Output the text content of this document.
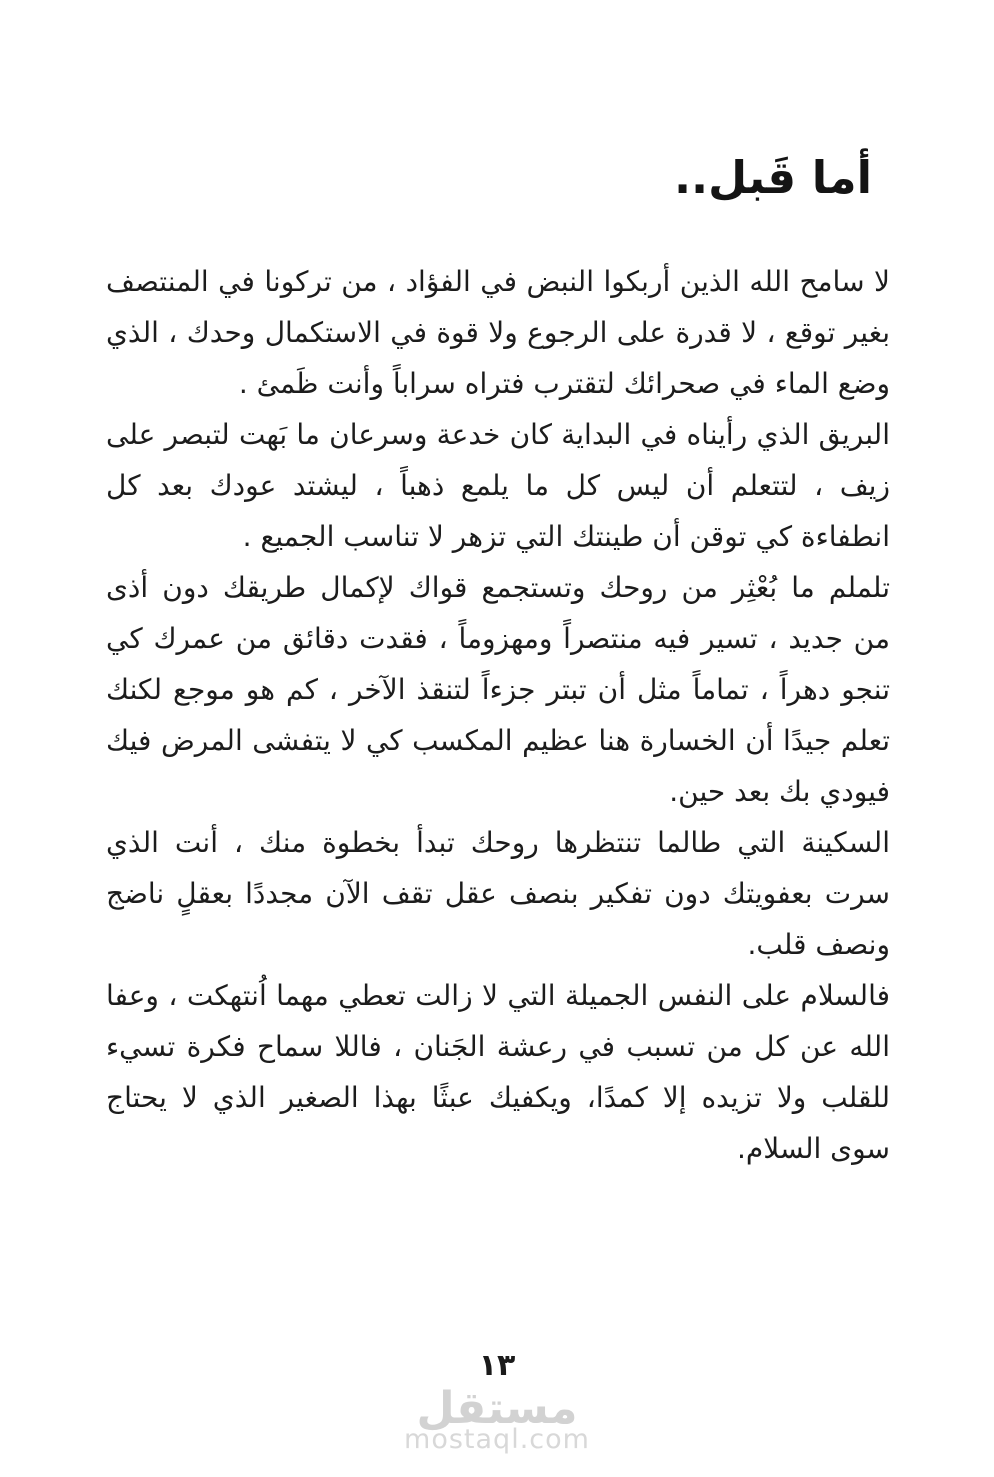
أما قَبل..
لا سامح الله الذين أربكوا النبض في الفؤاد ، من تركونا في المنتصف
بغير توقع ، لا قدرة على الرجوع ولا قوة في الاستكمال وحدك ، الذي
وضع الماء في صحرائك لتقترب فتراه سراباً وأنت ظَمئ .
البريق الذي رأيناه في البداية كان خدعة وسرعان ما بَهت لتبصر على
زيف ، لتتعلم أن ليس كل ما يلمع ذهباً ، ليشتد عودك بعد كل
انطفاءة كي توقن أن طينتك التي تزهر لا تناسب الجميع .
تلملم ما بُعْثِر من روحك وتستجمع قواك لإكمال طريقك دون أذى
من جديد ، تسير فيه منتصراً ومهزوماً ، فقدت دقائق من عمرك كي
تنجو دهراً ، تماماً مثل أن تبتر جزءاً لتنقذ الآخر ، كم هو موجع لكنك
تعلم جيدًا أن الخسارة هنا عظيم المكسب كي لا يتفشى المرض فيك
فيودي بك بعد حين.
السكينة التي طالما تنتظرها روحك تبدأ بخطوة منك ، أنت الذي
سرت بعفويتك دون تفكير بنصف عقل تقف الآن مجددًا بعقلٍ ناضج
ونصف قلب.
فالسلام على النفس الجميلة التي لا زالت تعطي مهما اُنتهكت ، وعفا
الله عن كل من تسبب في رعشة الجَنان ، فاللا سماح فكرة تسيء
للقلب ولا تزيده إلا كمدًا، ويكفيك عبثًا بهذا الصغير الذي لا يحتاج
سوى السلام.
١٣
مستقل
mostaql.com
